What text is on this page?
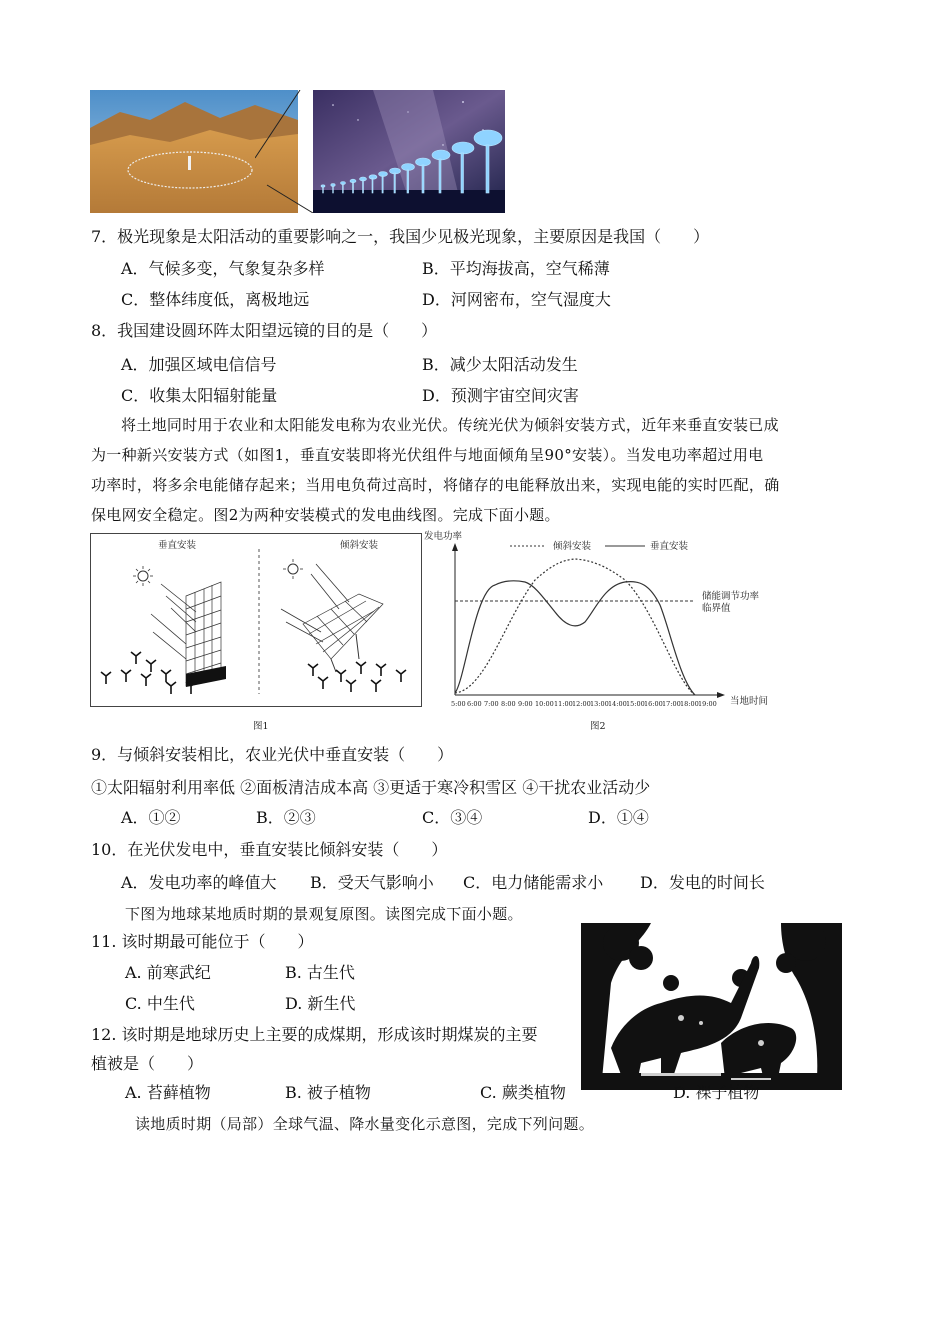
7．极光现象是太阳活动的重要影响之一，我国少见极光现象，主要原因是我国（　　）
A．气候多变，气象复杂多样	B．平均海拔高，空气稀薄
C．整体纬度低，离极地远	D．河网密布，空气湿度大
8．我国建设圆环阵太阳望远镜的目的是（　　）
A．加强区域电信信号	B．减少太阳活动发生
C．收集太阳辐射能量	D．预测宇宙空间灾害
将土地同时用于农业和太阳能发电称为农业光伏。传统光伏为倾斜安装方式，近年来垂直安装已成
为一种新兴安装方式（如图1，垂直安装即将光伏组件与地面倾角呈90°安装）。当发电功率超过用电
功率时，将多余电能储存起来；当用电负荷过高时，将储存的电能释放出来，实现电能的实时匹配，确
保电网安全稳定。图2为两种安装模式的发电曲线图。完成下面小题。
垂直安装	倾斜安装
图1
发电功率
倾斜安装	垂直安装
储能调节功率
临界值
当地时间
5:00 6:00 7:00 8:00 9:00 10:00 11:00 12:00 13:00 14:00 15:00 16:00 17:00 18:00 19:00
图2
9．与倾斜安装相比，农业光伏中垂直安装（　　）
①太阳辐射利用率低 ②面板清洁成本高 ③更适于寒冷积雪区 ④干扰农业活动少
A．①②	B．②③	C．③④	D．①④
10．在光伏发电中，垂直安装比倾斜安装（　　）
A．发电功率的峰值大 B．受天气影响小 C．电力储能需求小 D．发电的时间长
下图为地球某地质时期的景观复原图。读图完成下面小题。
11. 该时期最可能位于（　　）
A. 前寒武纪	B. 古生代
C. 中生代	D. 新生代
12. 该时期是地球历史上主要的成煤期，形成该时期煤炭的主要
植被是（　　）
A. 苔藓植物	B. 被子植物	C. 蕨类植物	D. 裸子植物
读地质时期（局部）全球气温、降水量变化示意图，完成下列问题。
